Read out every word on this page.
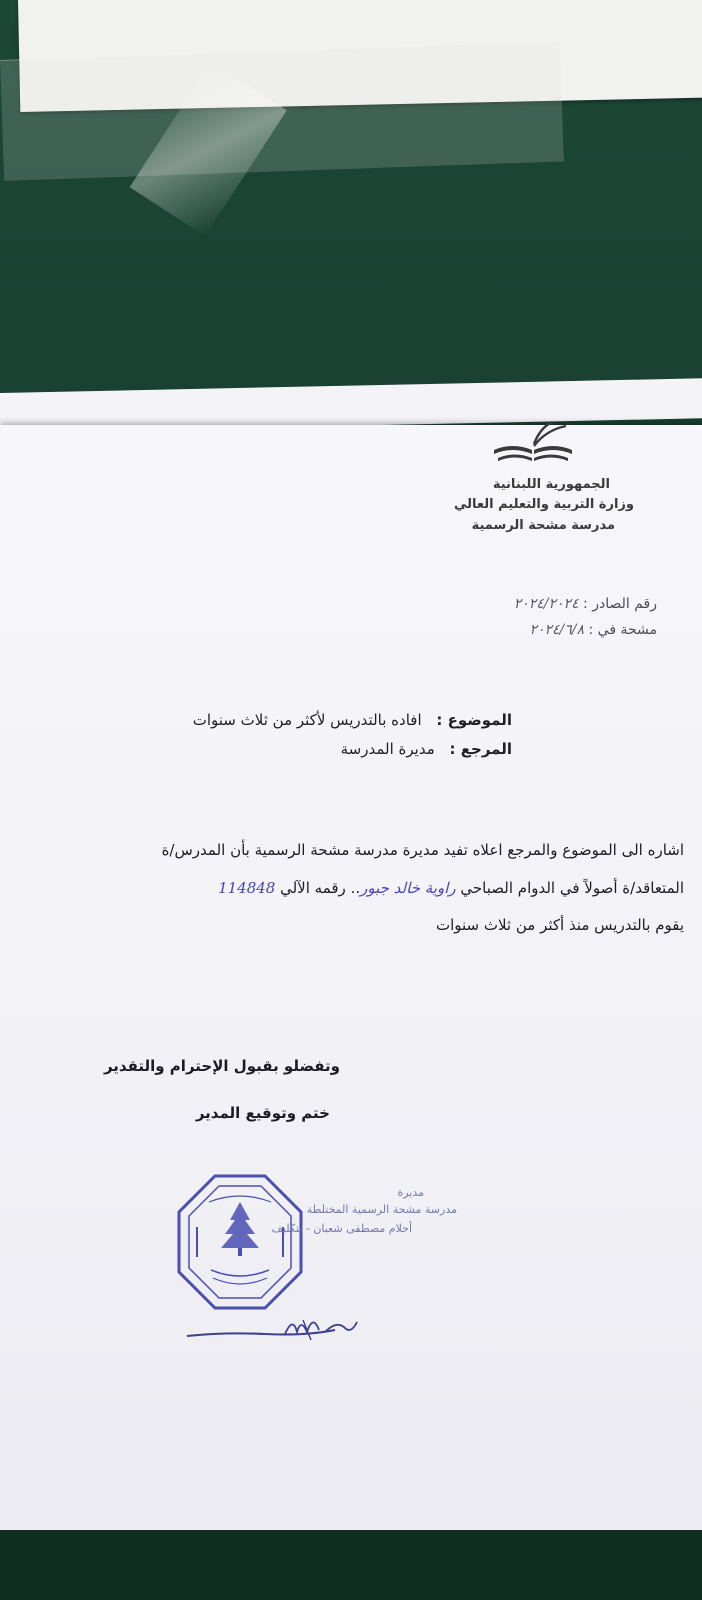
الجمهورية اللبنانية
وزارة التربية والتعليم العالي
مدرسة مشحة الرسمية
رقم الصادر : ٢٠٢٤/٢٠٢٤
مشحة في : ٢٠٢٤/٦/٨
الموضوع : افاده بالتدريس لأكثر من ثلاث سنوات
المرجع : مديرة المدرسة
اشاره الى الموضوع والمرجع اعلاه تفيد مديرة مدرسة مشحة الرسمية بأن المدرس/ة
المتعاقد/ة أصولاً في الدوام الصباحي راوية خالد جبور.. رقمه الآلي 114848
يقوم بالتدريس منذ أكثر من ثلاث سنوات
وتفضلو بقبول الإحترام والتقدير
ختم وتوقيع المدير
مديرة
مدرسة مشحة الرسمية المختلطة
أحلام مصطفى شعبان - بتكليف
